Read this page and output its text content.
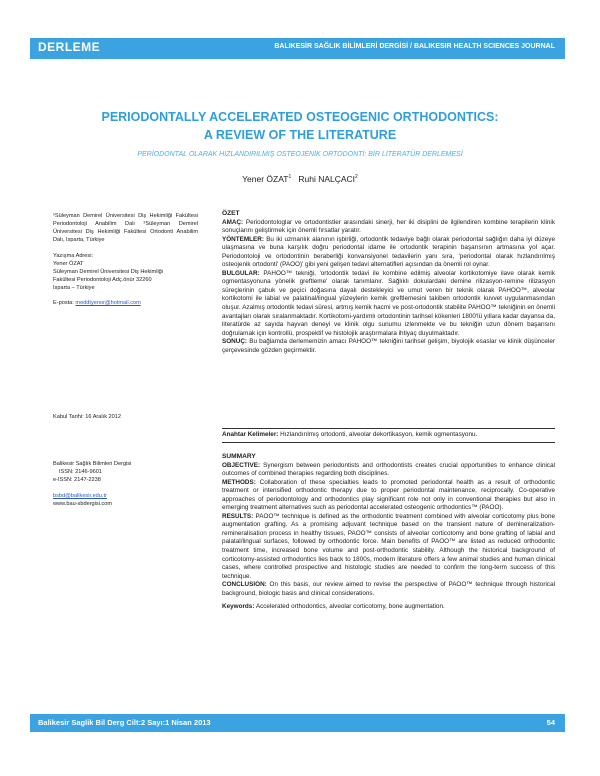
DERLEME	BALIKESİR SAĞLIK BİLİMLERİ DERGİSİ / BALIKESIR HEALTH SCIENCES JOURNAL
PERIODONTALLY ACCELERATED OSTEOGENIC ORTHODONTICS:
A REVIEW OF THE LITERATURE
PERİODONTAL OLARAK HIZLANDIRILMIŞ OSTEOJENİK ORTODONTİ: BİR LİTERATÜR DERLEMESİ
Yener ÖZAT$^1$ Ruhi NALÇACI$^2$
¹Süleyman Demirel Üniversitesi Diş Hekimliği Fakültesi Periodontoloji Anabilim Dalı ²Süleyman Demirel Üniversitesi Diş Hekimliği Fakültesi Ortodonti Anabilim Dalı, Isparta, Türkiye
Yazışma Adresi:
Yener ÖZAT
Süleyman Demirel Üniversitesi Diş Hekimliği
Fakültesi Periodontoloji Adç.önür 32260
Isparta – Türkiye
E-posta: meddtyenor@hotmail.com
Kabul Tarihi: 16 Aralık 2012
Balikesir Sağlık Bilimleri Dergisi
ISSN: 2146-9601
e-ISSN: 2147-2238
bsbd@balikesir.edu.tr
www.bau-sbdergisi.com
ÖZET
AMAÇ: Periodontologlar ve ortodontistler arasındaki sinerji, her iki disiplini de ilgilendiren kombine terapilerin klinik sonuçlarını geliştirmek için önemli fırsatlar yaratır.
YÖNTEMLER: Bu iki uzmanlık alanının işbirliği, ortodontik tedaviye bağlı olarak periodontal sağlığın daha iyi düzeye ulaşmasına ve buna karşılık doğru periodontal idame ile ortodontik terapinin başarısının artmasına yol açar. Periodontoloji ve ortodontinin beraberliği konvansiyonel tedavilerin yanı sıra, 'periodontal olarak hızlandırılmış osteojenik ortodonti' (PAOO)' gibi yeni gelişen tedavi alternatifleri açısından da önemli rol oynar.
BULGULAR: PAHOO™ tekniği, 'ortodontik tedavi ile kombine edilmiş alveolar kortikotomiye ilave olarak kemik ogmentasyonuna yönelik greftleme' olarak tanımlanır. Sağlıklı dokulardaki demine rilizasyon-remine rilizasyon süreçlerinin çabuk ve geçici doğasına dayalı destekleyici ve umut veren bir teknik olarak PAHOO™, alveolar kortikotomi ile labial ve palatinal/lingual yüzeylerin kemik greftlemesini takiben ortodontik kuvvet uygulanmasından oluşur. Azalmış ortodontik tedavi süresi, artmış kemik hacmi ve post-ortodontik stabilite PAHOO™ tekniğinin en önemli avantajları olarak sıralanmaktadır. Kortikotomi-yardımlı ortodontinin tarihsel kökenleri 1800'lü yıllara kadar dayansa da, literatürde az sayıda hayvan deneyi ve klinik olgu sunumu izlenmekte ve bu tekniğin uzun dönem başarısını doğrulamak için kontrollü, prospektif ve histolojik araştırmalara ihtiyaç duyulmaktadır.
SONUÇ: Bu bağlamda derlememizin amacı PAHOO™ tekniğini tarihsel gelişim, biyolojik esaslar ve klinik düşünceler çerçevesinde gözden geçirmektir.
Anahtar Kelimeler: Hızlandırılmış ortodonti, alveolar dekortikasyon, kemik ogmentasyonu.
SUMMARY
OBJECTIVE: Synergism between periodontists and orthodontists creates crucial opportunities to enhance clinical outcomes of combined therapies regarding both disciplines.
METHODS: Collaboration of these specialties leads to promoted periodontal health as a result of orthodontic treatment or intensified orthodontic therapy due to proper periodontal maintenance, reciprocally. Co-operative approaches of periodontology and orthodontics play significant role not only in conventional therapies but also in emerging treatment alternatives such as periodontal accelerated osteogenic orthodontics™ (PAOO).
RESULTS: PAOO™ technique is defined as the orthodontic treatment combined with alveolar corticotomy plus bone augmentation grafting. As a promising adjuvant technique based on the transient nature of demineralization-remineralisation process in healthy tissues, PAOO™ consists of alveolar corticotomy and bone grafting of labial and palatal/lingual surfaces, followed by orthodontic force. Main benefits of PAOO™ are listed as reduced orthodontic treatment time, increased bone volume and post-orthodontic stability. Although the historical background of corticotomy-assisted orthodontics lies back to 1800s, modern literature offers a few animal studies and human clinical cases, where controlled prospective and histologic studies are needed to confirm the long-term success of this technique.
CONCLUSION: On this basis, our review aimed to revise the perspective of PAOO™ technique through historical background, biologic basis and clinical considerations.
Keywords: Accelerated orthodontics, alveolar corticotomy, bone augmentation.
Balikesir Saglik Bil Derg Cilt:2 Sayı:1 Nisan 2013	54
